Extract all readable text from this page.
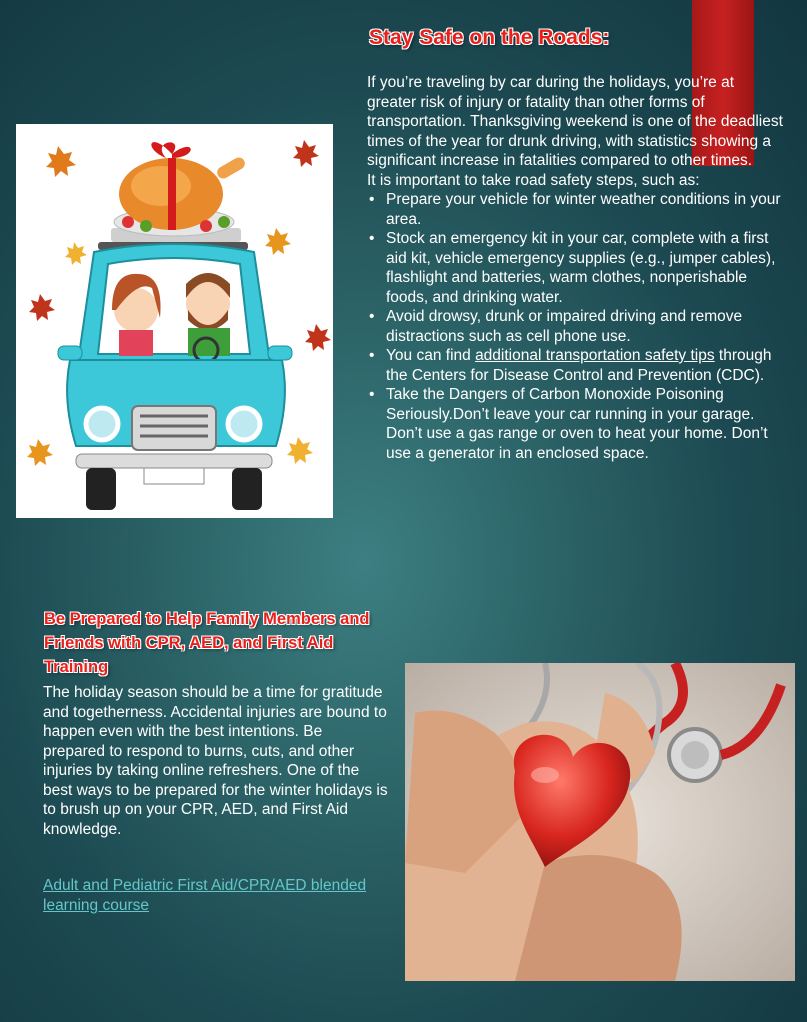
Stay Safe on the Roads:

If you’re traveling by car during the holidays, you’re at greater risk of injury or fatality than other forms of transportation. Thanksgiving weekend is one of the deadliest times of the year for drunk driving, with statistics showing a significant increase in fatalities compared to other times.

It is important to take road safety steps, such as:

• Prepare your vehicle for winter weather conditions in your area.
• Stock an emergency kit in your car, complete with a first aid kit, vehicle emergency supplies (e.g., jumper cables), flashlight and batteries, warm clothes, nonperishable foods, and drinking water.
• Avoid drowsy, drunk or impaired driving and remove distractions such as cell phone use.
• You can find additional transportation safety tips through the Centers for Disease Control and Prevention (CDC).
• Take the Dangers of Carbon Monoxide Poisoning Seriously.Don’t leave your car running in your garage. Don’t use a gas range or oven to heat your home. Don’t use a generator in an enclosed space.
Be Prepared to Help Family Members and Friends with CPR, AED, and First Aid Training

The holiday season should be a time for gratitude and togetherness. Accidental injuries are bound to happen even with the best intentions. Be prepared to respond to burns, cuts, and other injuries by taking online refreshers. One of the best ways to be prepared for the winter holidays is to brush up on your CPR, AED, and First Aid knowledge.

Adult and Pediatric First Aid/CPR/AED blended learning course
